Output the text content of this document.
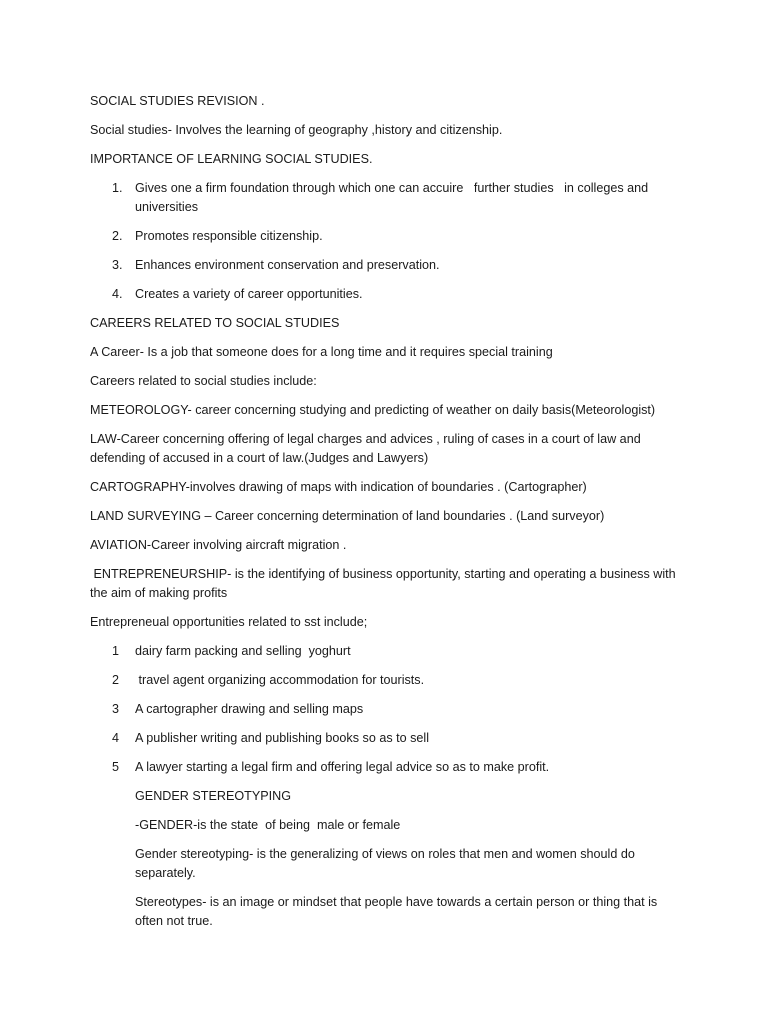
SOCIAL STUDIES REVISION .
Social studies- Involves the learning of geography ,history and citizenship.
IMPORTANCE OF LEARNING SOCIAL STUDIES.
1. Gives one a firm foundation through which one can accuire   further studies   in colleges and universities
2. Promotes responsible citizenship.
3. Enhances environment conservation and preservation.
4. Creates a variety of career opportunities.
CAREERS RELATED TO SOCIAL STUDIES
A Career- Is a job that someone does for a long time and it requires special training
Careers related to social studies include:
METEOROLOGY- career concerning studying and predicting of weather on daily basis(Meteorologist)
LAW-Career concerning offering of legal charges and advices , ruling of cases in a court of law and defending of accused in a court of law.(Judges and Lawyers)
CARTOGRAPHY-involves drawing of maps with indication of boundaries . (Cartographer)
LAND SURVEYING – Career concerning determination of land boundaries . (Land surveyor)
AVIATION-Career involving aircraft migration .
ENTREPRENEURSHIP- is the identifying of business opportunity, starting and operating a business with the aim of making profits
Entrepreneual opportunities related to sst include;
1 dairy farm packing and selling  yoghurt
2 travel agent organizing accommodation for tourists.
3 A cartographer drawing and selling maps
4 A publisher writing and publishing books so as to sell
5 A lawyer starting a legal firm and offering legal advice so as to make profit.
GENDER STEREOTYPING
-GENDER-is the state  of being  male or female
Gender stereotyping- is the generalizing of views on roles that men and women should do separately.
Stereotypes- is an image or mindset that people have towards a certain person or thing that is often not true.
